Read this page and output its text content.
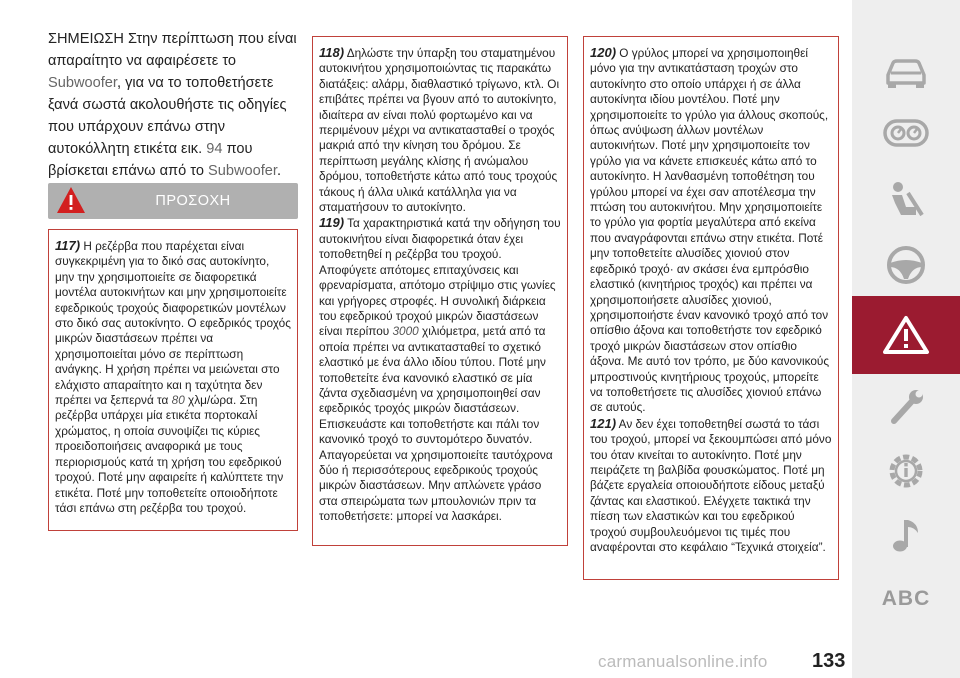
ΣΗΜΕΙΩΣΗ Στην περίπτωση που είναι απαραίτητο να αφαιρέσετε το Subwoofer, για να το τοποθετήσετε ξανά σωστά ακολουθήστε τις οδηγίες που υπάρχουν επάνω στην αυτοκόλλητη ετικέτα εικ. 94 που βρίσκεται επάνω από το Subwoofer.

ΠΡΟΣΟΧΗ

117) Η ρεζέρβα που παρέχεται είναι συγκεκριμένη για το δικό σας αυτοκίνητο, μην την χρησιμοποιείτε σε διαφορετικά μοντέλα αυτοκινήτων και μην χρησιμοποιείτε εφεδρικούς τροχούς διαφορετικών μοντέλων στο δικό σας αυτοκίνητο. Ο εφεδρικός τροχός μικρών διαστάσεων πρέπει να χρησιμοποιείται μόνο σε περίπτωση ανάγκης. Η χρήση πρέπει να μειώνεται στο ελάχιστο απαραίτητο και η ταχύτητα δεν πρέπει να ξεπερνά τα 80 χλμ/ώρα. Στη ρεζέρβα υπάρχει μία ετικέτα πορτοκαλί χρώματος, η οποία συνοψίζει τις κύριες προειδοποιήσεις αναφορικά με τους περιορισμούς κατά τη χρήση του εφεδρικού τροχού. Ποτέ μην αφαιρείτε ή καλύπτετε την ετικέτα. Ποτέ μην τοποθετείτε οποιοδήποτε τάσι επάνω στη ρεζέρβα του τροχού.

118) Δηλώστε την ύπαρξη του σταματημένου αυτοκινήτου χρησιμοποιώντας τις παρακάτω διατάξεις: αλάρμ, διαθλαστικό τρίγωνο, κτλ. Οι επιβάτες πρέπει να βγουν από το αυτοκίνητο, ιδιαίτερα αν είναι πολύ φορτωμένο και να περιμένουν μέχρι να αντικατασταθεί ο τροχός μακριά από την κίνηση του δρόμου. Σε περίπτωση μεγάλης κλίσης ή ανώμαλου δρόμου, τοποθετήστε κάτω από τους τροχούς τάκους ή άλλα υλικά κατάλληλα για να σταματήσουν το αυτοκίνητο.

119) Τα χαρακτηριστικά κατά την οδήγηση του αυτοκινήτου είναι διαφορετικά όταν έχει τοποθετηθεί η ρεζέρβα του τροχού. Αποφύγετε απότομες επιταχύνσεις και φρεναρίσματα, απότομο στρίψιμο στις γωνίες και γρήγορες στροφές. Η συνολική διάρκεια του εφεδρικού τροχού μικρών διαστάσεων είναι περίπου 3000 χιλιόμετρα, μετά από τα οποία πρέπει να αντικατασταθεί το σχετικό ελαστικό με ένα άλλο ιδίου τύπου. Ποτέ μην τοποθετείτε ένα κανονικό ελαστικό σε μία ζάντα σχεδιασμένη να χρησιμοποιηθεί σαν εφεδρικός τροχός μικρών διαστάσεων. Επισκευάστε και τοποθετήστε και πάλι τον κανονικό τροχό το συντομότερο δυνατόν. Απαγορεύεται να χρησιμοποιείτε ταυτόχρονα δύο ή περισσότερους εφεδρικούς τροχούς μικρών διαστάσεων. Μην απλώνετε γράσο στα σπειρώματα των μπουλονιών πριν τα τοποθετήσετε: μπορεί να λασκάρει.

120) Ο γρύλος μπορεί να χρησιμοποιηθεί μόνο για την αντικατάσταση τροχών στο αυτοκίνητο στο οποίο υπάρχει ή σε άλλα αυτοκίνητα ιδίου μοντέλου. Ποτέ μην χρησιμοποιείτε το γρύλο για άλλους σκοπούς, όπως ανύψωση άλλων μοντέλων αυτοκινήτων. Ποτέ μην χρησιμοποιείτε τον γρύλο για να κάνετε επισκευές κάτω από το αυτοκίνητο. Η λανθασμένη τοποθέτηση του γρύλου μπορεί να έχει σαν αποτέλεσμα την πτώση του αυτοκινήτου. Μην χρησιμοποιείτε το γρύλο για φορτία μεγαλύτερα από εκείνα που αναγράφονται επάνω στην ετικέτα. Ποτέ μην τοποθετείτε αλυσίδες χιονιού στον εφεδρικό τροχό· αν σκάσει ένα εμπρόσθιο ελαστικό (κινητήριος τροχός) και πρέπει να χρησιμοποιήσετε αλυσίδες χιονιού, χρησιμοποιήστε έναν κανονικό τροχό από τον οπίσθιο άξονα και τοποθετήστε τον εφεδρικό τροχό μικρών διαστάσεων στον οπίσθιο άξονα. Με αυτό τον τρόπο, με δύο κανονικούς μπροστινούς κινητήριους τροχούς, μπορείτε να τοποθετήσετε τις αλυσίδες χιονιού επάνω σε αυτούς.

121) Αν δεν έχει τοποθετηθεί σωστά το τάσι του τροχού, μπορεί να ξεκουμπώσει από μόνο του όταν κινείται το αυτοκίνητο. Ποτέ μην πειράζετε τη βαλβίδα φουσκώματος. Ποτέ μη βάζετε εργαλεία οποιουδήποτε είδους μεταξύ ζάντας και ελαστικού. Ελέγχετε τακτικά την πίεση των ελαστικών και του εφεδρικού τροχού συμβουλευόμενοι τις τιμές που αναφέρονται στο κεφάλαιο “Τεχνικά στοιχεία”.

ABC
carmanualsonline.info 133
